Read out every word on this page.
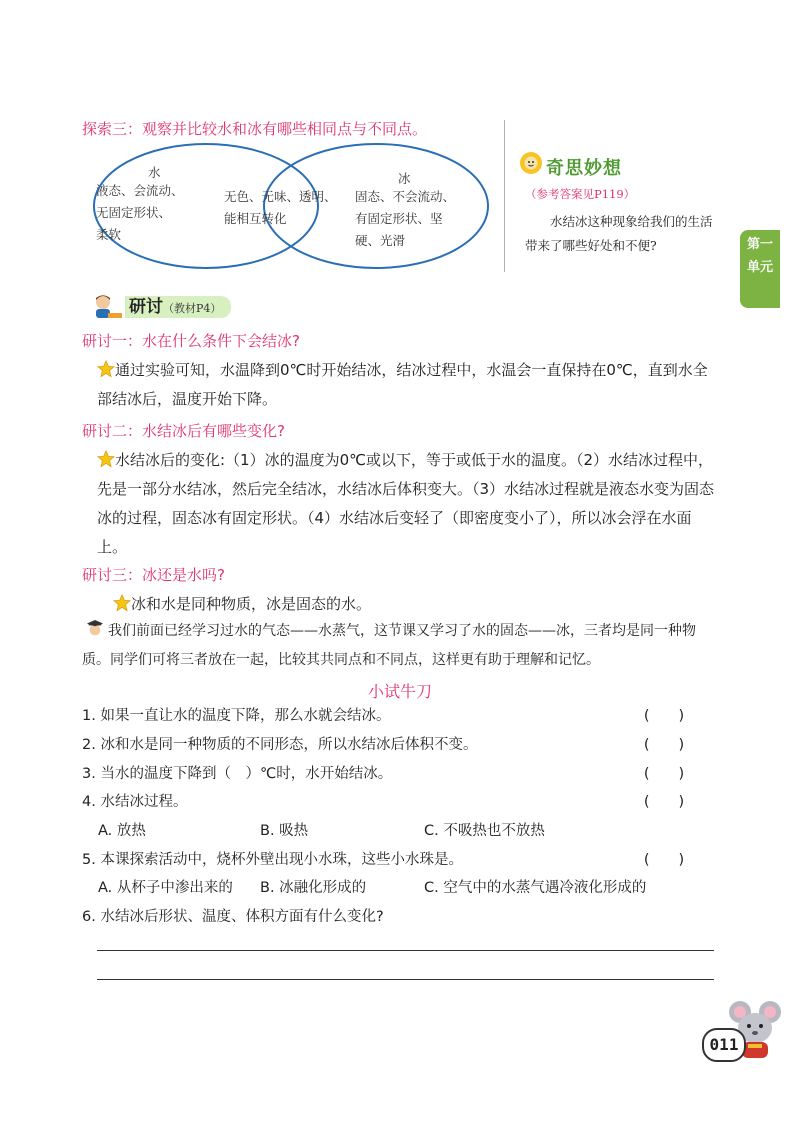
探索三：观察并比较水和冰有哪些相同点与不同点。
水
液态、会流动、
无固定形状、
柔软
无色、无味、透明、
能相互转化
冰
固态、不会流动、
有固定形状、坚
硬、光滑
奇思妙想
（参考答案见P119）
水结冰这种现象给我们的生活带来了哪些好处和不便?	第一
单元
研讨（教材P4）
研讨一：水在什么条件下会结冰?
通过实验可知，水温降到0℃时开始结冰，结冰过程中，水温会一直保持在0℃，直到水全部结冰后，温度开始下降。
研讨二：水结冰后有哪些变化?
水结冰后的变化:（1）冰的温度为0℃或以下，等于或低于水的温度。（2）水结冰过程中，先是一部分水结冰，然后完全结冰，水结冰后体积变大。（3）水结冰过程就是液态水变为固态冰的过程，固态冰有固定形状。（4）水结冰后变轻了（即密度变小了），所以冰会浮在水面上。
研讨三：冰还是水吗?
冰和水是同种物质，冰是固态的水。
我们前面已经学习过水的气态——水蒸气，这节课又学习了水的固态——冰，三者均是同一种物质。同学们可将三者放在一起，比较其共同点和不同点，这样更有助于理解和记忆。
小试牛刀
1. 如果一直让水的温度下降，那么水就会结冰。	(　　)
2. 冰和水是同一种物质的不同形态，所以水结冰后体积不变。	(　　)
3. 当水的温度下降到（　）℃时，水开始结冰。	(　　)
4. 水结冰过程。	(　　)
A. 放热	B. 吸热	C. 不吸热也不放热
5. 本课探索活动中，烧杯外壁出现小水珠，这些小水珠是。	(　　)
A. 从杯子中渗出来的 B. 冰融化形成的	C. 空气中的水蒸气遇冷液化形成的
6. 水结冰后形状、温度、体积方面有什么变化?
011
